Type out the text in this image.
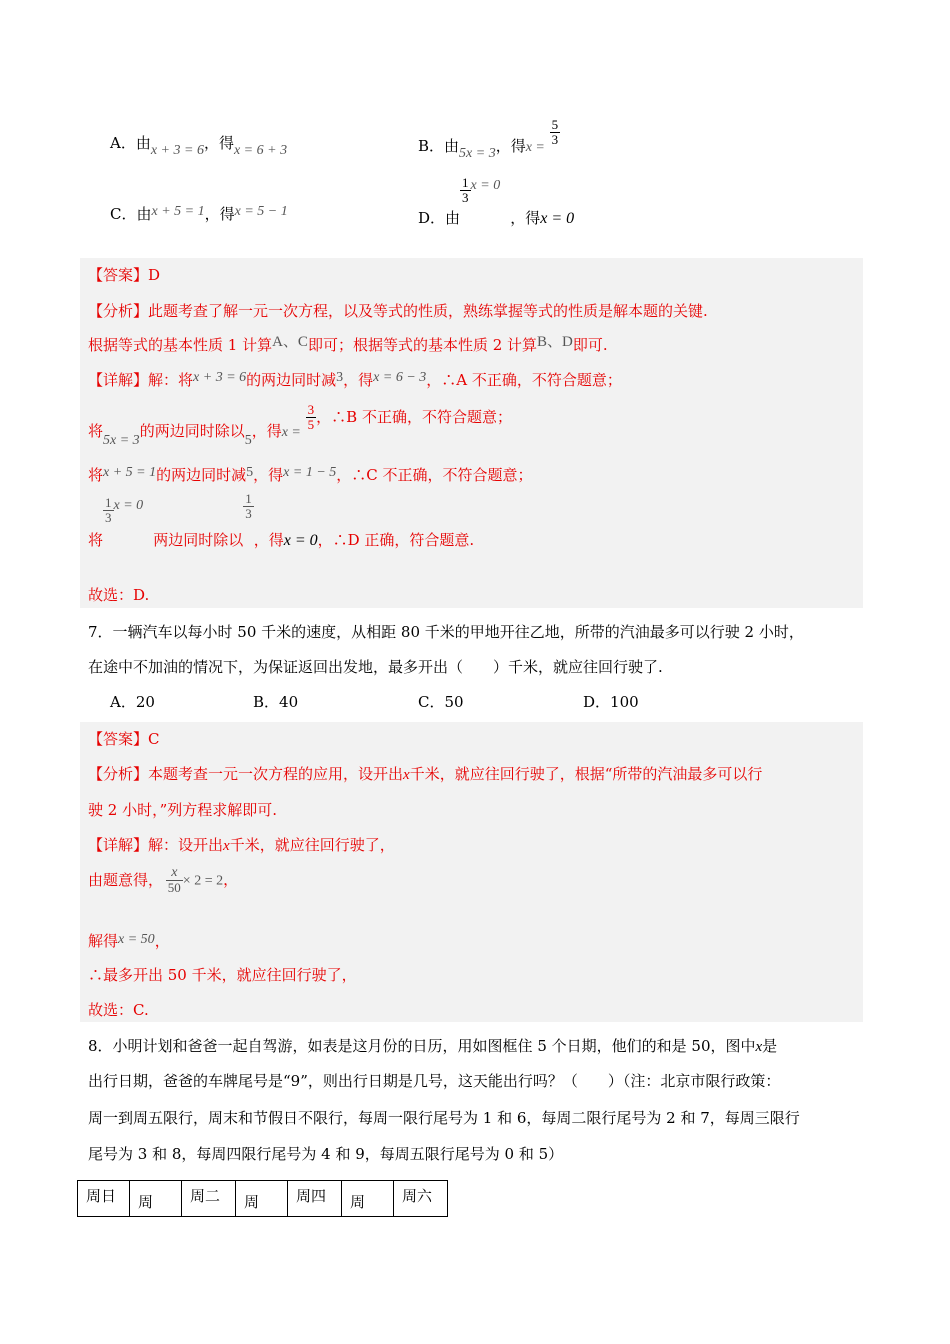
A．由x + 3 = 6，得x = 6 + 3	B．由5x = 3，得$x = \frac{5}{3}$
C．由x + 5 = 1，得x = 5 − 1	D．由
$\frac{1}{3}$ x = 0，得x = 0
【答案】D
【分析】此题考查了解一元一次方程，以及等式的性质，熟练掌握等式的性质是解本题的关键.
根据等式的基本性质 1 计算A、C即可；根据等式的基本性质 2 计算B、D即可.
【详解】解：将x + 3 = 6的两边同时减3，得x = 6 − 3，∴A 不正确，不符合题意；
将5x = 3的两边同时除以5，得$x = \frac{3}{5}$ ，∴B 不正确，不符合题意；
将x + 5 = 1的两边同时减5，得x = 1 − 5，∴C 不正确，不符合题意；
将
$\frac{1}{3}$ x = 0两边同时除以
$\frac{1}{3}$
，得x = 0，∴D 正确，符合题意.
故选：D.
7．一辆汽车以每小时 50 千米的速度，从相距 80 千米的甲地开往乙地，所带的汽油最多可以行驶 2 小时，
在途中不加油的情况下，为保证返回出发地，最多开出（　　）千米，就应往回行驶了.
A．20	B．40	C．50	D．100
【答案】C
【分析】本题考查一元一次方程的应用，设开出x千米，就应往回行驶了，根据“所带的汽油最多可以行
驶 2 小时，”列方程求解即可.
【详解】解：设开出x千米，就应往回行驶了，
由题意得， $\frac{x}{50} \times 2 = 2$，
解得x = 50，
∴最多开出 50 千米，就应往回行驶了，
故选：C.
8．小明计划和爸爸一起自驾游，如表是这月份的日历，用如图框住 5 个日期，他们的和是 50，图中x是
出行日期，爸爸的车牌尾号是“9”，则出行日期是几号，这天能出行吗？（　　）（注：北京市限行政策：
周一到周五限行，周末和节假日不限行，每周一限行尾号为 1 和 6，每周二限行尾号为 2 和 7，每周三限行
尾号为 3 和 8，每周四限行尾号为 4 和 9，每周五限行尾号为 0 和 5）
周日	周	周二	周	周四	周	周六
